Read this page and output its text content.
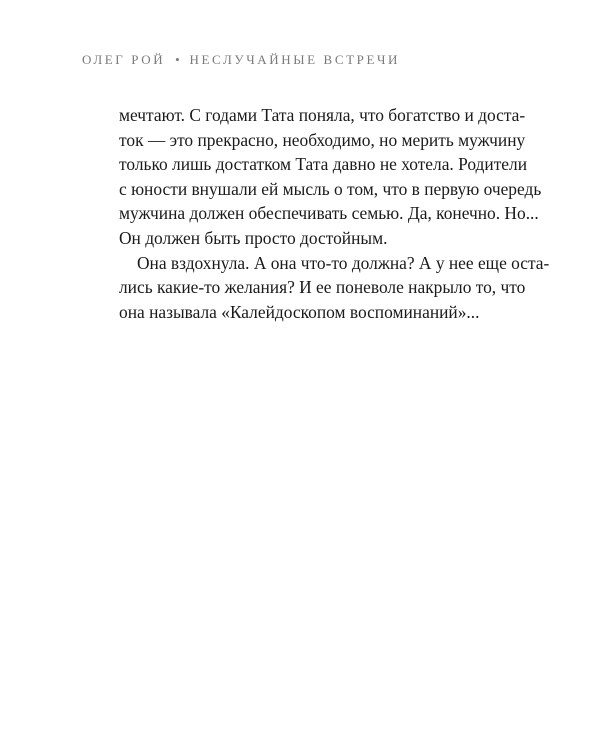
ОЛЕГ РОЙ • НЕСЛУЧАЙНЫЕ ВСТРЕЧИ
мечтают. С годами Тата поняла, что богатство и доста-
ток — это прекрасно, необходимо, но мерить мужчину
только лишь достатком Тата давно не хотела. Родители
с юности внушали ей мысль о том, что в первую очередь
мужчина должен обеспечивать семью. Да, конечно. Но...
Он должен быть просто достойным.
Она вздохнула. А она что-то должна? А у нее еще оста-
лись какие-то желания? И ее поневоле накрыло то, что
она называла «Калейдоскопом воспоминаний»...
